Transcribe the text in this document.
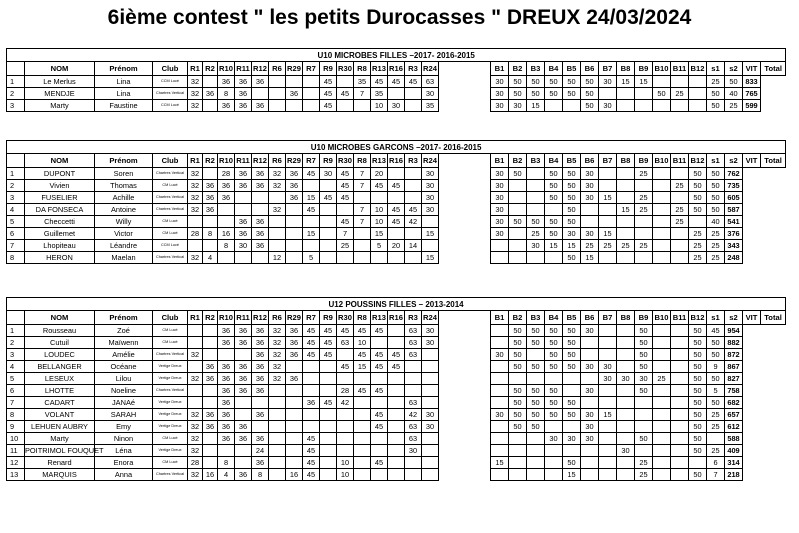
6ième contest " les petits Durocasses " DREUX 24/03/2024
U10 MICROBES FILLES –2017- 2016-2015																																			
	NOM	Prénom	Club	R1	R2	R10	R11	R12	R6	R29	R7	R9	R30	R8	R13	R16	R3	R24		B1	B2	B3	B4	B5	B6	B7	B8	B9	B10	B11	B12	s1	s2	VIT	Total
1	Le Merlus	Lina	CCM Lucé	32		36	36	36				45		35	45	45	45	63		30	50	50	50	50	50	30	15	15				25	50	833	
2	MENDJE	Lina	Chartres Vertical	32	36	8	36			36		45	45	7	35			30		30	50	50	50	50	50				50	25		50	40	765	
3	Marty	Faustine	CCM Lucé	32		36	36	36				45			10	30		35		30	30	15			50	30						50	25	599	
U10 MICROBES GARCONS –2017- 2016-2015																																			
	NOM	Prénom	Club	R1	R2	R10	R11	R12	R6	R29	R7	R9	R30	R8	R13	R16	R3	R24		B1	B2	B3	B4	B5	B6	B7	B8	B9	B10	B11	B12	s1	s2	VIT	Total
1	DUPONT	Soren	Chartres Vertical	32		28	36	36	32	36	45	30	45	7	20			30		30	50		50	50	30			25			50	50	762		
2	Vivien	Thomas	CM Lucé	32	36	36	36	36	32	36			45	7	45	45		30		30			50	50	30					25	50	50	735		
3	FUSELIER	Achille	Chartres Vertical	32	36	36				36	15	45	45					30		30			50	50	30	15		25			50	50	605		
4	DA FONSECA	Antoine	Chartres Vertical	32	36				32		45			7	10	45	45	30		30				50			15	25		25	50	50	587		
5	Checcetti	Willy	CM Lucé				36	36					45	7	10	45	42			30	50	50	50	50						25		40	541		
6	Guillemet	Victor	CM Lucé	28	8	16	36	36			15		7		15			15		30		25	50	30	30	15					25	25	376		
7	Lhopiteau	Léandre	CCM Lucé			8	30	36					25		5	20	14					30	15	15	25	25	25	25			25	25	343		
8	HERON	Maelan	Chartres Vertical	32	4				12		5							15						50	15						25	25	248		
U12 POUSSINS FILLES – 2013-2014																																			
	NOM	Prénom	Club	R1	R2	R10	R11	R12	R6	R29	R7	R9	R30	R8	R13	R16	R3	R24		B1	B2	B3	B4	B5	B6	B7	B8	B9	B10	B11	B12	s1	s2	VIT	Total
1	Rousseau	Zoé	CM Lucé			36	36	36	32	36	45	45	45	45	45		63	30			50	50	50	50	30			50			50	45	954		
2	Cutuil	Maïwenn	CM Lucé			36	36	36	32	36	45	45	63	10			63	30			50	50	50	50				50			50	50	882		
3	LOUDEC	Amélie	Chartres Vertical	32				36	32	36	45	45		45	45	45	63			30	50		50	50				50			50	50	872		
4	BELLANGER	Océane	Vertige Dreux		36	36	36	36	32				45	15	45	45					50	50	50	50	30	30		50			50	9	867		
5	LESEUX	Lilou	Vertige Dreux	32	36	36	36	36	32	36																30	30	30	25		50	50	827		
6	LHOTTE	Noeline	Chartres Vertical			36	36	36					28	45	45						50	50	50		30			50			50	5	758		
7	CADART	JANAé	Vertige Dreux			36					36	45	42				63				50	50	50	50							50	50	682		
8	VOLANT	SARAH	Vertige Dreux	32	36	36		36							45		42	30		30	50	50	50	50	30	15					50	25	657		
9	LEHUEN AUBRY	Emy	Vertige Dreux	32	36	36	36								45		63	30			50	50			30						50	25	612		
10	Marty	Ninon	CM Lucé	32		36	36	36			45						63						30	30	30			50			50		588		
11	POITRIMOL FOUQUET	Léna	Vertige Dreux	32				24			45						30										30				50	25	409		
12	Renard	Enora	CM Lucé	28		8		36			45		10		45					15				50				25				6	314		
13	MARQUIS	Anna	Chartres Vertical	32	16	4	36	8		16	45		10											15				25			50	7	218		
